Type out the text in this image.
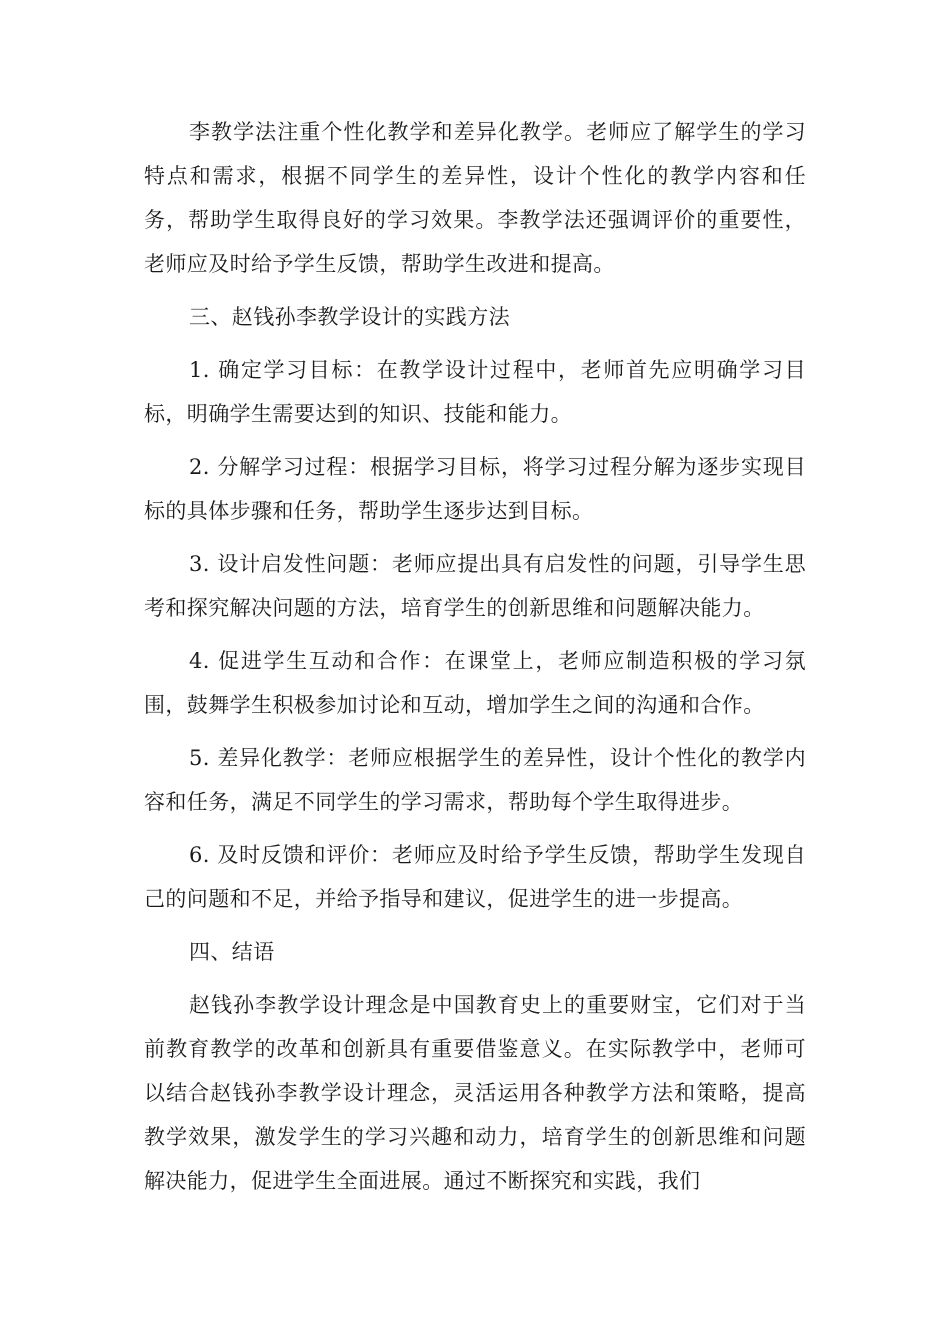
李教学法注重个性化教学和差异化教学。老师应了解学生的学习特点和需求，根据不同学生的差异性，设计个性化的教学内容和任务，帮助学生取得良好的学习效果。李教学法还强调评价的重要性，老师应及时给予学生反馈，帮助学生改进和提高。

三、赵钱孙李教学设计的实践方法

1. 确定学习目标：在教学设计过程中，老师首先应明确学习目标，明确学生需要达到的知识、技能和能力。

2. 分解学习过程：根据学习目标，将学习过程分解为逐步实现目标的具体步骤和任务，帮助学生逐步达到目标。

3. 设计启发性问题：老师应提出具有启发性的问题，引导学生思考和探究解决问题的方法，培育学生的创新思维和问题解决能力。

4. 促进学生互动和合作：在课堂上，老师应制造积极的学习氛围，鼓舞学生积极参加讨论和互动，增加学生之间的沟通和合作。

5. 差异化教学：老师应根据学生的差异性，设计个性化的教学内容和任务，满足不同学生的学习需求，帮助每个学生取得进步。

6. 及时反馈和评价：老师应及时给予学生反馈，帮助学生发现自己的问题和不足，并给予指导和建议，促进学生的进一步提高。

四、结语

赵钱孙李教学设计理念是中国教育史上的重要财宝，它们对于当前教育教学的改革和创新具有重要借鉴意义。在实际教学中，老师可以结合赵钱孙李教学设计理念，灵活运用各种教学方法和策略，提高教学效果，激发学生的学习兴趣和动力，培育学生的创新思维和问题解决能力，促进学生全面进展。通过不断探究和实践，我们
